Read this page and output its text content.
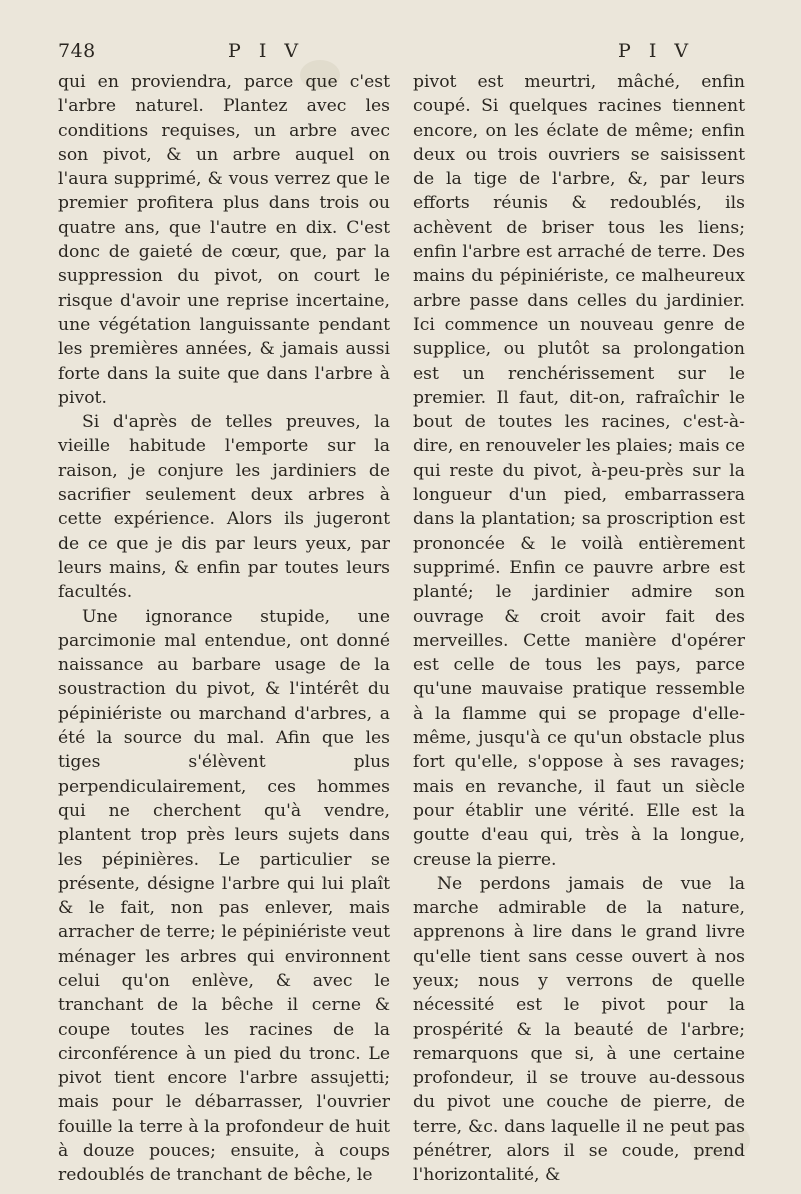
748	P I V	P I V

qui en proviendra, parce que c'est l'arbre naturel. Plantez avec les conditions requises, un arbre avec son pivot, & un arbre auquel on l'aura supprimé, & vous verrez que le premier profitera plus dans trois ou quatre ans, que l'autre en dix. C'est donc de gaieté de cœur, que, par la suppression du pivot, on court le risque d'avoir une reprise incertaine, une végétation languissante pendant les premières années, & jamais aussi forte dans la suite que dans l'arbre à pivot.

Si d'après de telles preuves, la vieille habitude l'emporte sur la raison, je conjure les jardiniers de sacrifier seulement deux arbres à cette expérience. Alors ils jugeront de ce que je dis par leurs yeux, par leurs mains, & enfin par toutes leurs facultés.

Une ignorance stupide, une parcimonie mal entendue, ont donné naissance au barbare usage de la soustraction du pivot, & l'intérêt du pépiniériste ou marchand d'arbres, a été la source du mal. Afin que les tiges s'élèvent plus perpendiculairement, ces hommes qui ne cherchent qu'à vendre, plantent trop près leurs sujets dans les pépinières. Le particulier se présente, désigne l'arbre qui lui plaît & le fait, non pas enlever, mais arracher de terre; le pépiniériste veut ménager les arbres qui environnent celui qu'on enlève, & avec le tranchant de la bêche il cerne & coupe toutes les racines de la circonférence à un pied du tronc. Le pivot tient encore l'arbre assujetti; mais pour le débarrasser, l'ouvrier fouille la terre à la profondeur de huit à douze pouces; ensuite, à coups redoublés de tranchant de bêche, le

pivot est meurtri, mâché, enfin coupé. Si quelques racines tiennent encore, on les éclate de même; enfin deux ou trois ouvriers se saisissent de la tige de l'arbre, &, par leurs efforts réunis & redoublés, ils achèvent de briser tous les liens; enfin l'arbre est arraché de terre. Des mains du pépiniériste, ce malheureux arbre passe dans celles du jardinier. Ici commence un nouveau genre de supplice, ou plutôt sa prolongation est un renchérissement sur le premier. Il faut, dit-on, rafraîchir le bout de toutes les racines, c'est-à-dire, en renouveler les plaies; mais ce qui reste du pivot, à-peu-près sur la longueur d'un pied, embarrassera dans la plantation; sa proscription est prononcée & le voilà entièrement supprimé. Enfin ce pauvre arbre est planté; le jardinier admire son ouvrage & croit avoir fait des merveilles. Cette manière d'opérer est celle de tous les pays, parce qu'une mauvaise pratique ressemble à la flamme qui se propage d'elle-même, jusqu'à ce qu'un obstacle plus fort qu'elle, s'oppose à ses ravages; mais en revanche, il faut un siècle pour établir une vérité. Elle est la goutte d'eau qui, très à la longue, creuse la pierre.

Ne perdons jamais de vue la marche admirable de la nature, apprenons à lire dans le grand livre qu'elle tient sans cesse ouvert à nos yeux; nous y verrons de quelle nécessité est le pivot pour la prospérité & la beauté de l'arbre; remarquons que si, à une certaine profondeur, il se trouve au-dessous du pivot une couche de pierre, de terre, &c. dans laquelle il ne peut pas pénétrer, alors il se coude, prend l'horizontalité, &
